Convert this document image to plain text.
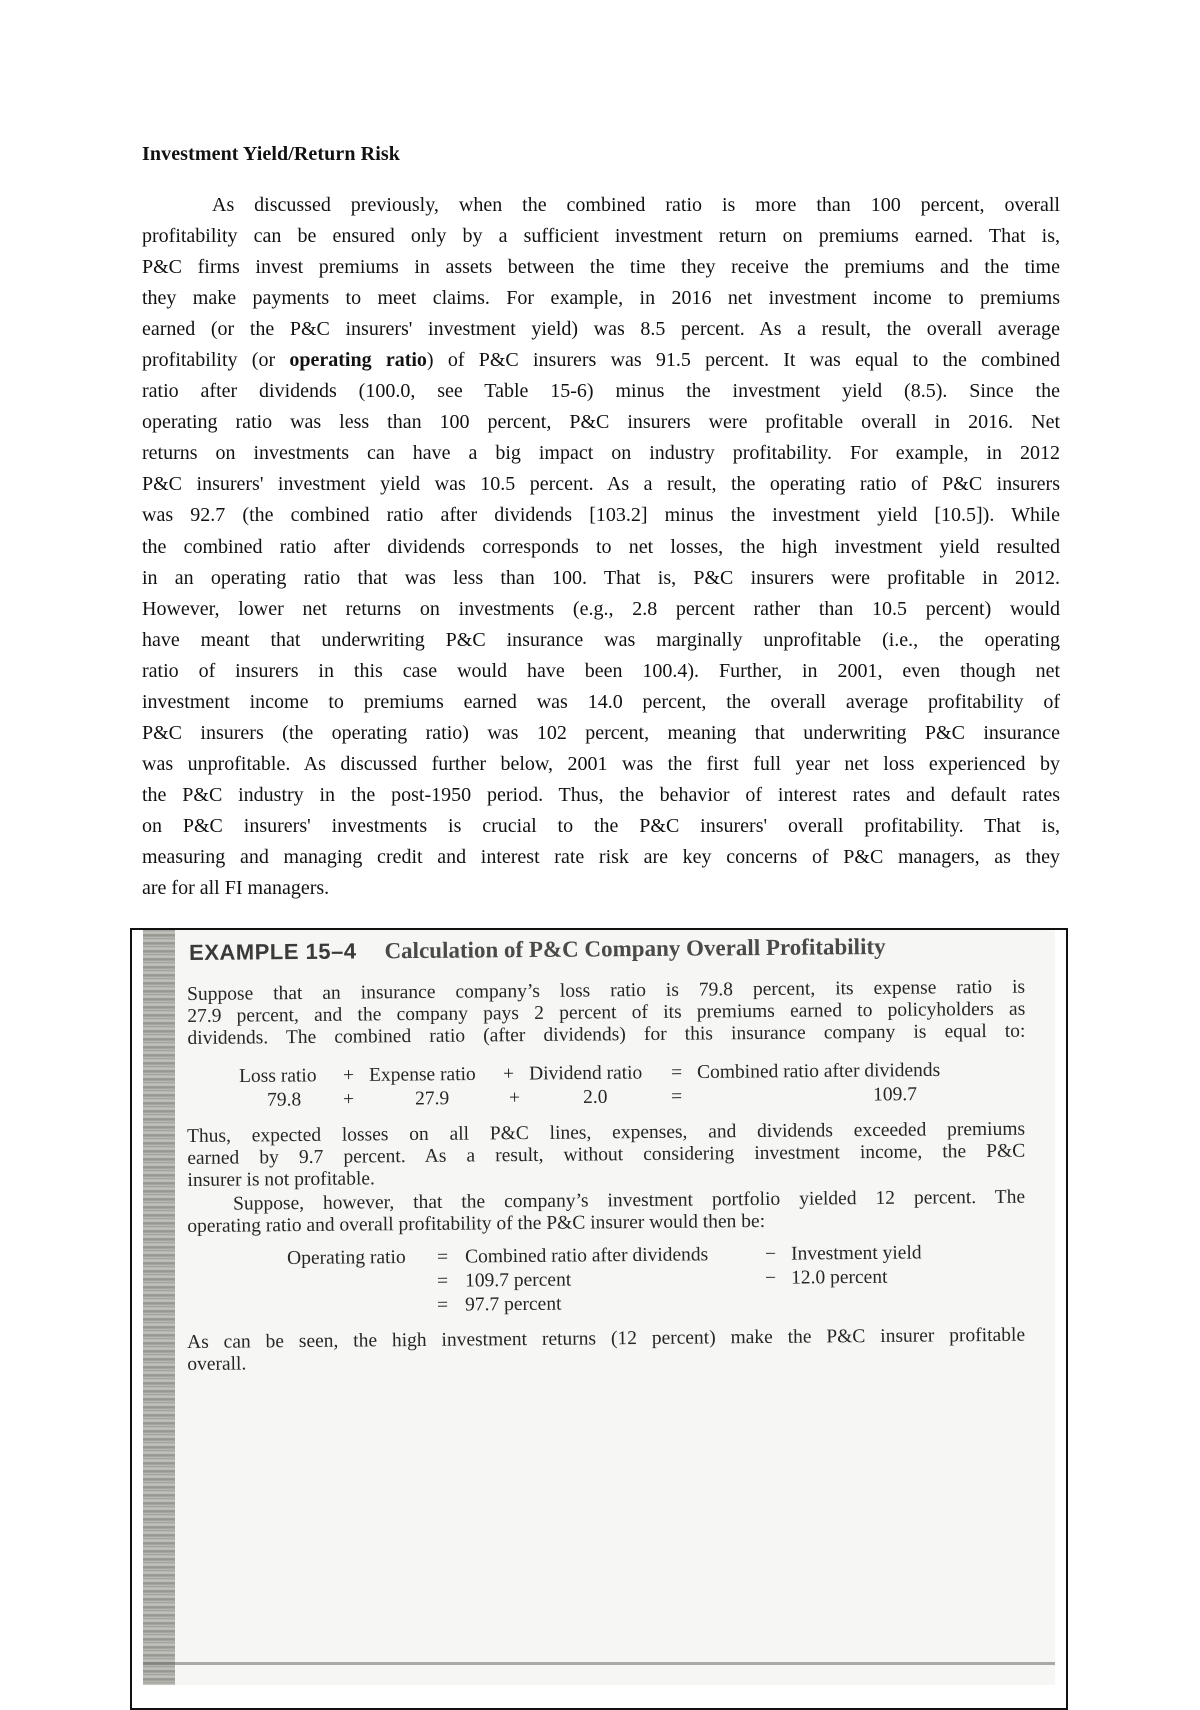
Investment Yield/Return Risk

As discussed previously, when the combined ratio is more than 100 percent, overall
profitability can be ensured only by a sufficient investment return on premiums earned. That is,
P&C firms invest premiums in assets between the time they receive the premiums and the time
they make payments to meet claims. For example, in 2016 net investment income to premiums
earned (or the P&C insurers' investment yield) was 8.5 percent. As a result, the overall average
profitability (or operating ratio) of P&C insurers was 91.5 percent. It was equal to the combined
ratio after dividends (100.0, see Table 15-6) minus the investment yield (8.5). Since the
operating ratio was less than 100 percent, P&C insurers were profitable overall in 2016. Net
returns on investments can have a big impact on industry profitability. For example, in 2012
P&C insurers' investment yield was 10.5 percent. As a result, the operating ratio of P&C insurers
was 92.7 (the combined ratio after dividends [103.2] minus the investment yield [10.5]). While
the combined ratio after dividends corresponds to net losses, the high investment yield resulted
in an operating ratio that was less than 100. That is, P&C insurers were profitable in 2012.
However, lower net returns on investments (e.g., 2.8 percent rather than 10.5 percent) would
have meant that underwriting P&C insurance was marginally unprofitable (i.e., the operating
ratio of insurers in this case would have been 100.4). Further, in 2001, even though net
investment income to premiums earned was 14.0 percent, the overall average profitability of
P&C insurers (the operating ratio) was 102 percent, meaning that underwriting P&C insurance
was unprofitable. As discussed further below, 2001 was the first full year net loss experienced by
the P&C industry in the post-1950 period. Thus, the behavior of interest rates and default rates
on P&C insurers' investments is crucial to the P&C insurers' overall profitability. That is,
measuring and managing credit and interest rate risk are key concerns of P&C managers, as they
are for all FI managers.

EXAMPLE 15–4 Calculation of P&C Company Overall Profitability

Suppose that an insurance company’s loss ratio is 79.8 percent, its expense ratio is
27.9 percent, and the company pays 2 percent of its premiums earned to policyholders as
dividends. The combined ratio (after dividends) for this insurance company is equal to:

Loss ratio + Expense ratio + Dividend ratio = Combined ratio after dividends
79.8 +	27.9	+	2.0	=	109.7

Thus, expected losses on all P&C lines, expenses, and dividends exceeded premiums
earned by 9.7 percent. As a result, without considering investment income, the P&C
insurer is not profitable.

Suppose, however, that the company’s investment portfolio yielded 12 percent. The
operating ratio and overall profitability of the P&C insurer would then be:

Operating ratio = Combined ratio after dividends	− Investment yield
= 109.7 percent	− 12.0 percent
= 97.7 percent

As can be seen, the high investment returns (12 percent) make the P&C insurer profitable
overall.
